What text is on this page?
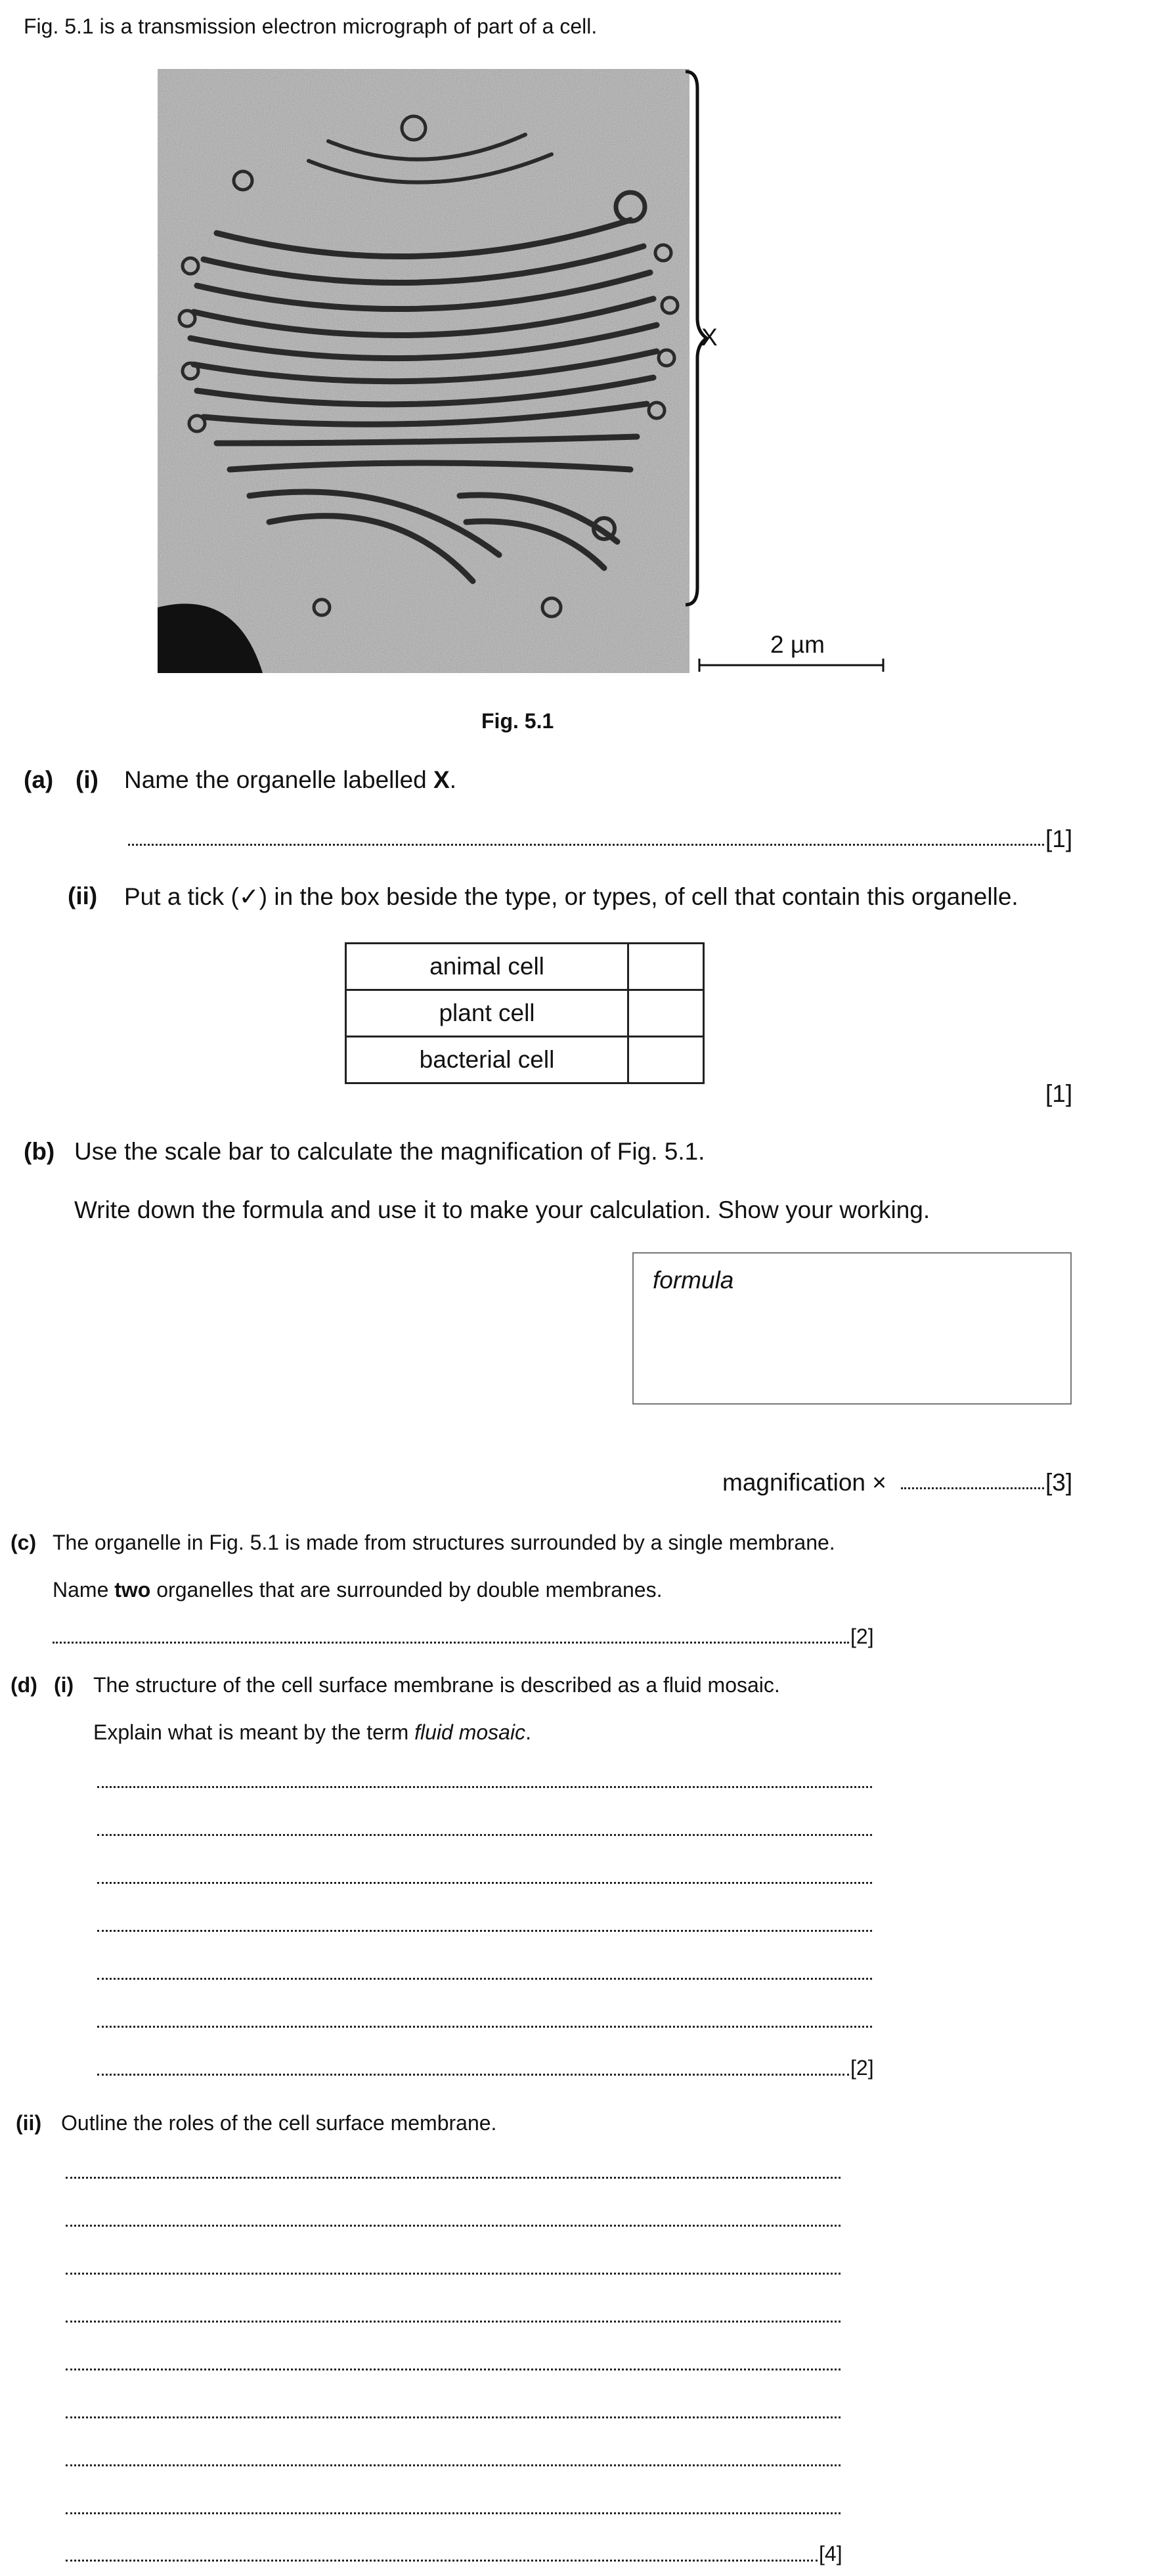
Fig. 5.1 is a transmission electron micrograph of part of a cell.
X
2 µm
Fig. 5.1
(a) (i) Name the organelle labelled X.
[1]
(ii) Put a tick (✓) in the box beside the type, or types, of cell that contain this organelle.
animal cell	
plant cell	
bacterial cell	
[1]
(b) Use the scale bar to calculate the magnification of Fig. 5.1.
Write down the formula and use it to make your calculation. Show your working.
formula
magnification ×	[3]
(c) The organelle in Fig. 5.1 is made from structures surrounded by a single membrane.
Name two organelles that are surrounded by double membranes.
[2]
(d) (i) The structure of the cell surface membrane is described as a fluid mosaic.
Explain what is meant by the term fluid mosaic.
[2]
(ii) Outline the roles of the cell surface membrane.
[4]
